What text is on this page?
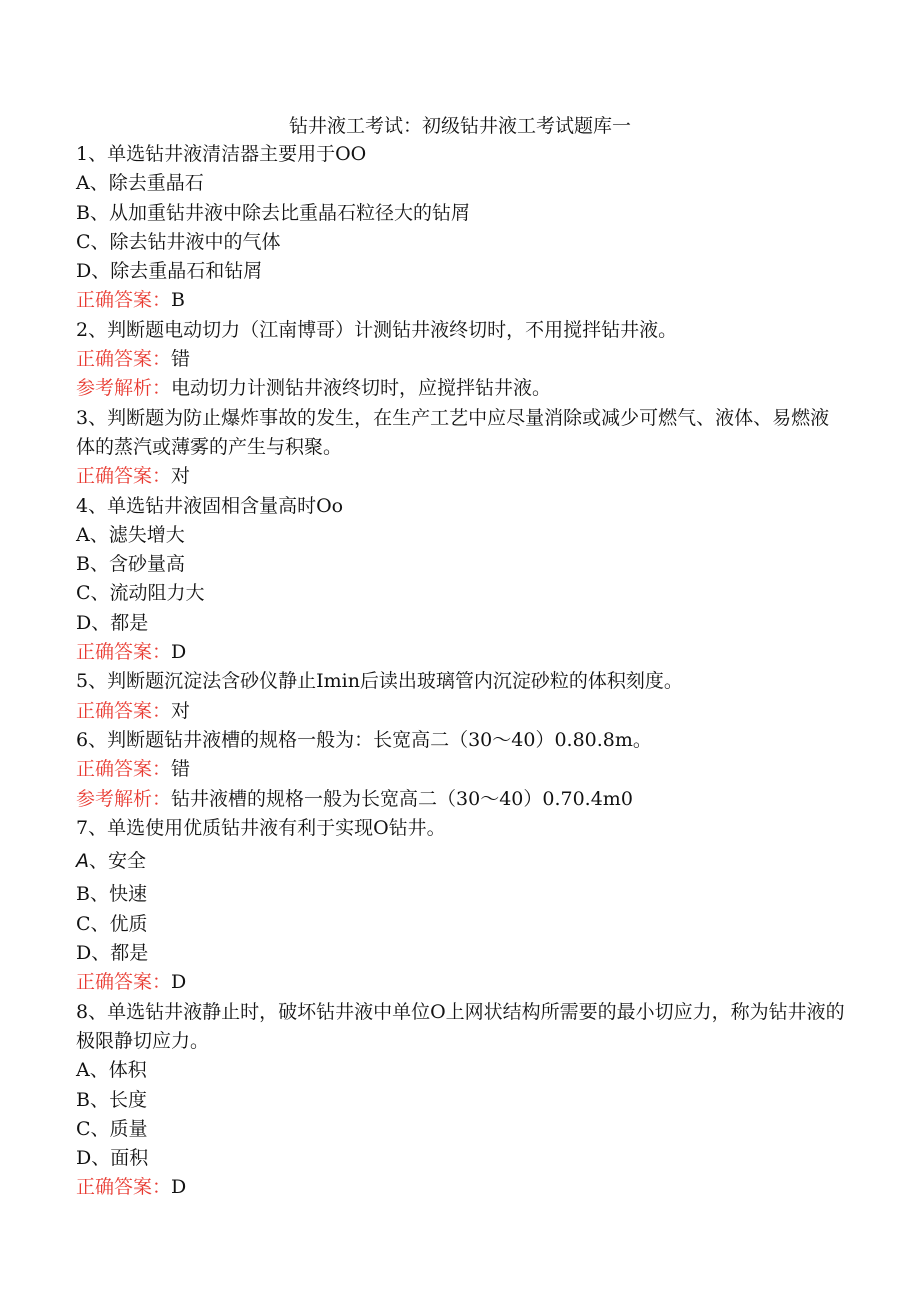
钻井液工考试：初级钻井液工考试题库一
1、单选钻井液清洁器主要用于OO
A、除去重晶石
B、从加重钻井液中除去比重晶石粒径大的钻屑
C、除去钻井液中的气体
D、除去重晶石和钻屑
正确答案：B
2、判断题电动切力（江南博哥）计测钻井液终切时，不用搅拌钻井液。
正确答案：错
参考解析：电动切力计测钻井液终切时，应搅拌钻井液。
3、判断题为防止爆炸事故的发生，在生产工艺中应尽量消除或减少可燃气、液体、易燃液体的蒸汽或薄雾的产生与积聚。
正确答案：对
4、单选钻井液固相含量高时Oo
A、滤失增大
B、含砂量高
C、流动阻力大
D、都是
正确答案：D
5、判断题沉淀法含砂仪静止Imin后读出玻璃管内沉淀砂粒的体积刻度。
正确答案：对
6、判断题钻井液槽的规格一般为：长宽高二（30～40）0.80.8m。
正确答案：错
参考解析：钻井液槽的规格一般为长宽高二（30～40）0.70.4m0
7、单选使用优质钻井液有利于实现O钻井。
A、安全
B、快速
C、优质
D、都是
正确答案：D
8、单选钻井液静止时，破坏钻井液中单位O上网状结构所需要的最小切应力，称为钻井液的极限静切应力。
A、体积
B、长度
C、质量
D、面积
正确答案：D
